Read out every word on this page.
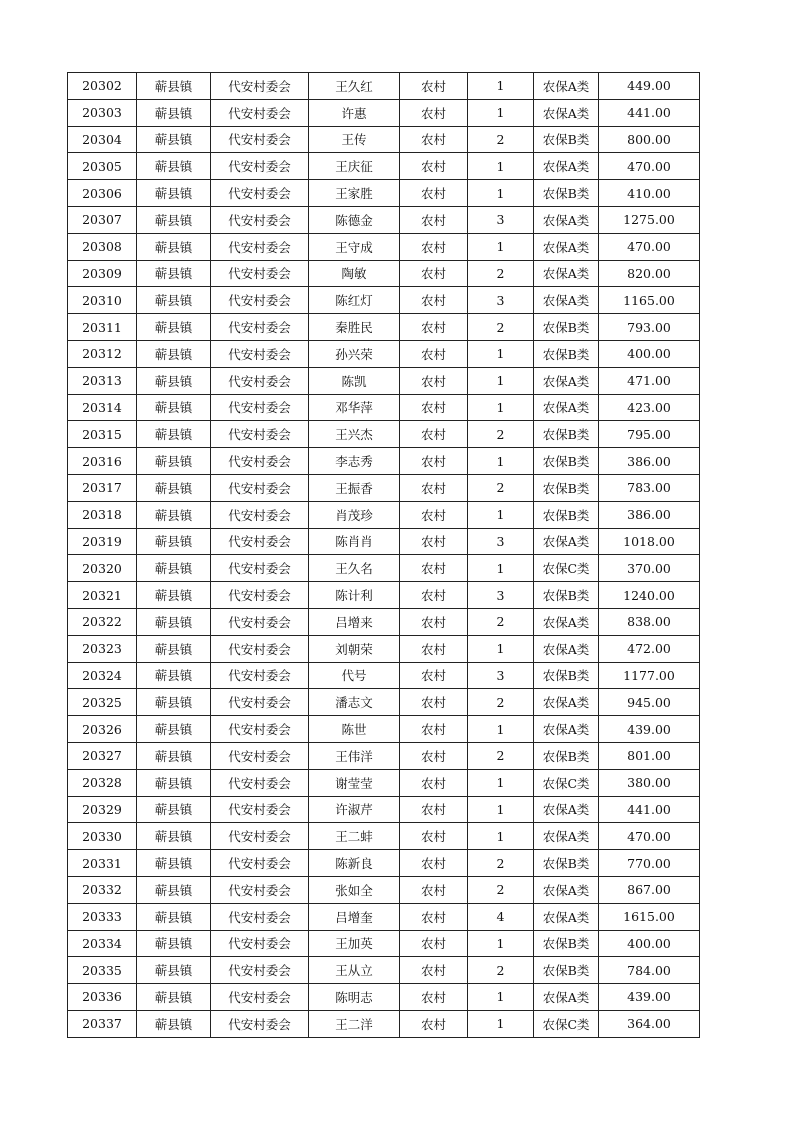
20302	蕲县镇	代安村委会	王久红	农村	1	农保A类	449.00
20303	蕲县镇	代安村委会	许惠	农村	1	农保A类	441.00
20304	蕲县镇	代安村委会	王传	农村	2	农保B类	800.00
20305	蕲县镇	代安村委会	王庆征	农村	1	农保A类	470.00
20306	蕲县镇	代安村委会	王家胜	农村	1	农保B类	410.00
20307	蕲县镇	代安村委会	陈德金	农村	3	农保A类	1275.00
20308	蕲县镇	代安村委会	王守成	农村	1	农保A类	470.00
20309	蕲县镇	代安村委会	陶敏	农村	2	农保A类	820.00
20310	蕲县镇	代安村委会	陈红灯	农村	3	农保A类	1165.00
20311	蕲县镇	代安村委会	秦胜民	农村	2	农保B类	793.00
20312	蕲县镇	代安村委会	孙兴荣	农村	1	农保B类	400.00
20313	蕲县镇	代安村委会	陈凯	农村	1	农保A类	471.00
20314	蕲县镇	代安村委会	邓华萍	农村	1	农保A类	423.00
20315	蕲县镇	代安村委会	王兴杰	农村	2	农保B类	795.00
20316	蕲县镇	代安村委会	李志秀	农村	1	农保B类	386.00
20317	蕲县镇	代安村委会	王振香	农村	2	农保B类	783.00
20318	蕲县镇	代安村委会	肖茂珍	农村	1	农保B类	386.00
20319	蕲县镇	代安村委会	陈肖肖	农村	3	农保A类	1018.00
20320	蕲县镇	代安村委会	王久名	农村	1	农保C类	370.00
20321	蕲县镇	代安村委会	陈计利	农村	3	农保B类	1240.00
20322	蕲县镇	代安村委会	吕增来	农村	2	农保A类	838.00
20323	蕲县镇	代安村委会	刘朝荣	农村	1	农保A类	472.00
20324	蕲县镇	代安村委会	代号	农村	3	农保B类	1177.00
20325	蕲县镇	代安村委会	潘志文	农村	2	农保A类	945.00
20326	蕲县镇	代安村委会	陈世	农村	1	农保A类	439.00
20327	蕲县镇	代安村委会	王伟洋	农村	2	农保B类	801.00
20328	蕲县镇	代安村委会	谢莹莹	农村	1	农保C类	380.00
20329	蕲县镇	代安村委会	许淑芹	农村	1	农保A类	441.00
20330	蕲县镇	代安村委会	王二蚌	农村	1	农保A类	470.00
20331	蕲县镇	代安村委会	陈新良	农村	2	农保B类	770.00
20332	蕲县镇	代安村委会	张如全	农村	2	农保A类	867.00
20333	蕲县镇	代安村委会	吕增奎	农村	4	农保A类	1615.00
20334	蕲县镇	代安村委会	王加英	农村	1	农保B类	400.00
20335	蕲县镇	代安村委会	王从立	农村	2	农保B类	784.00
20336	蕲县镇	代安村委会	陈明志	农村	1	农保A类	439.00
20337	蕲县镇	代安村委会	王二洋	农村	1	农保C类	364.00
